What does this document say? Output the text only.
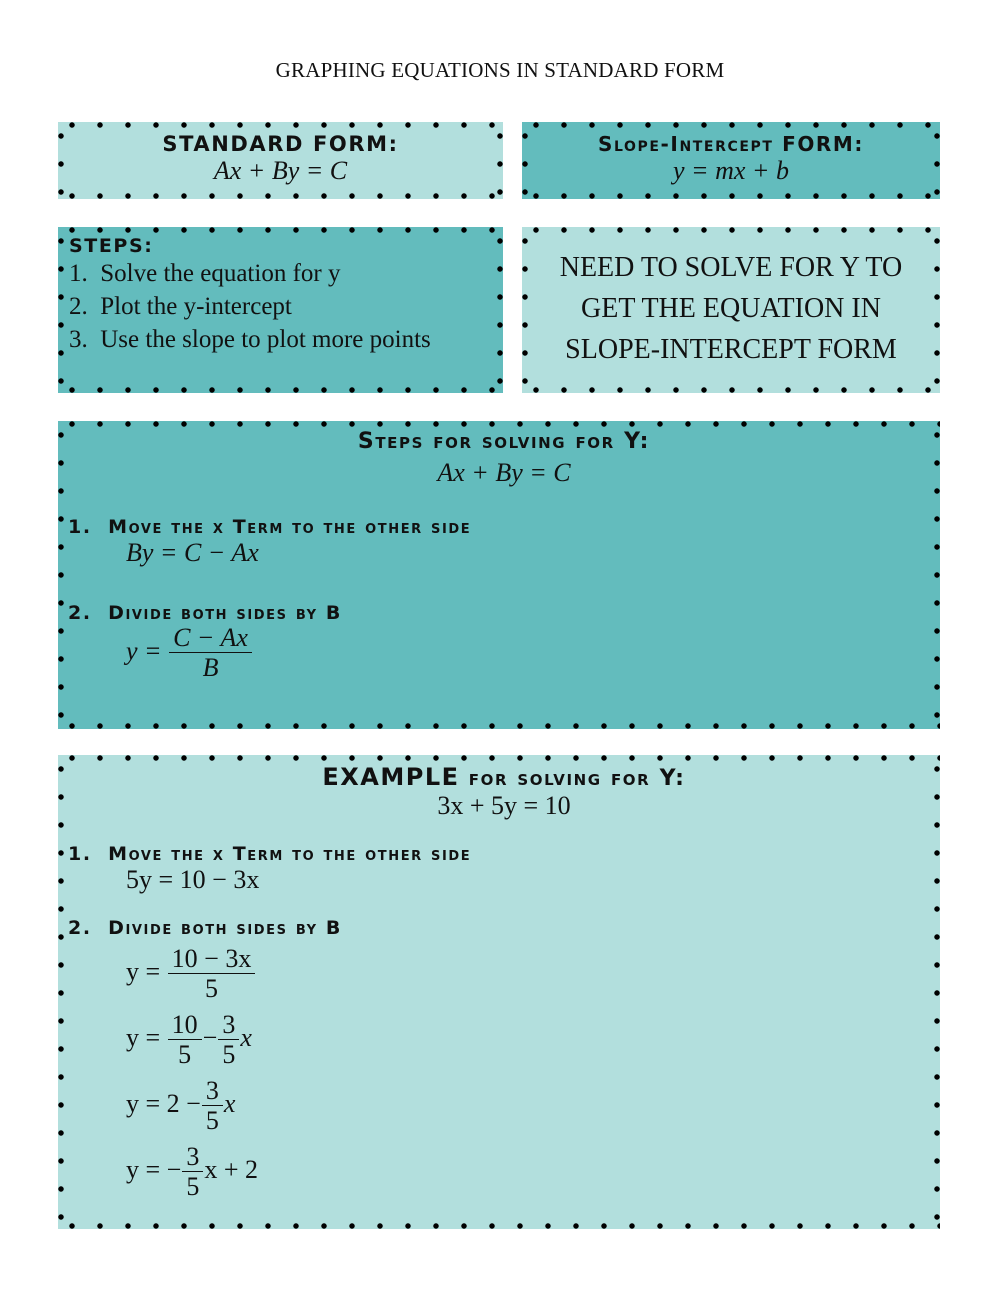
GRAPHING EQUATIONS IN STANDARD FORM
STANDARD FORM:
Ax + By = C
Slope-Intercept FORM:
y = mx + b
STEPS:
1.  Solve the equation for y
2.  Plot the y-intercept
3.  Use the slope to plot more points
NEED TO SOLVE FOR Y TO
GET THE EQUATION IN
SLOPE-INTERCEPT FORM
Steps for solving for Y:
Ax + By = C
1.  Move the x Term to the other side
By = C − Ax
2.  Divide both sides by B
$y = \frac{C - Ax}{B}$
EXAMPLE for solving for Y:
3x + 5y = 10
1.  Move the x Term to the other side
5y = 10 − 3x
2.  Divide both sides by B
$y = \frac{10 - 3x}{5}$
$y = \frac{10}{5} - \frac{3}{5}$ x
$y = 2 - \frac{3}{5}$ x
y = − $\frac{3}{5}$ x + 2
